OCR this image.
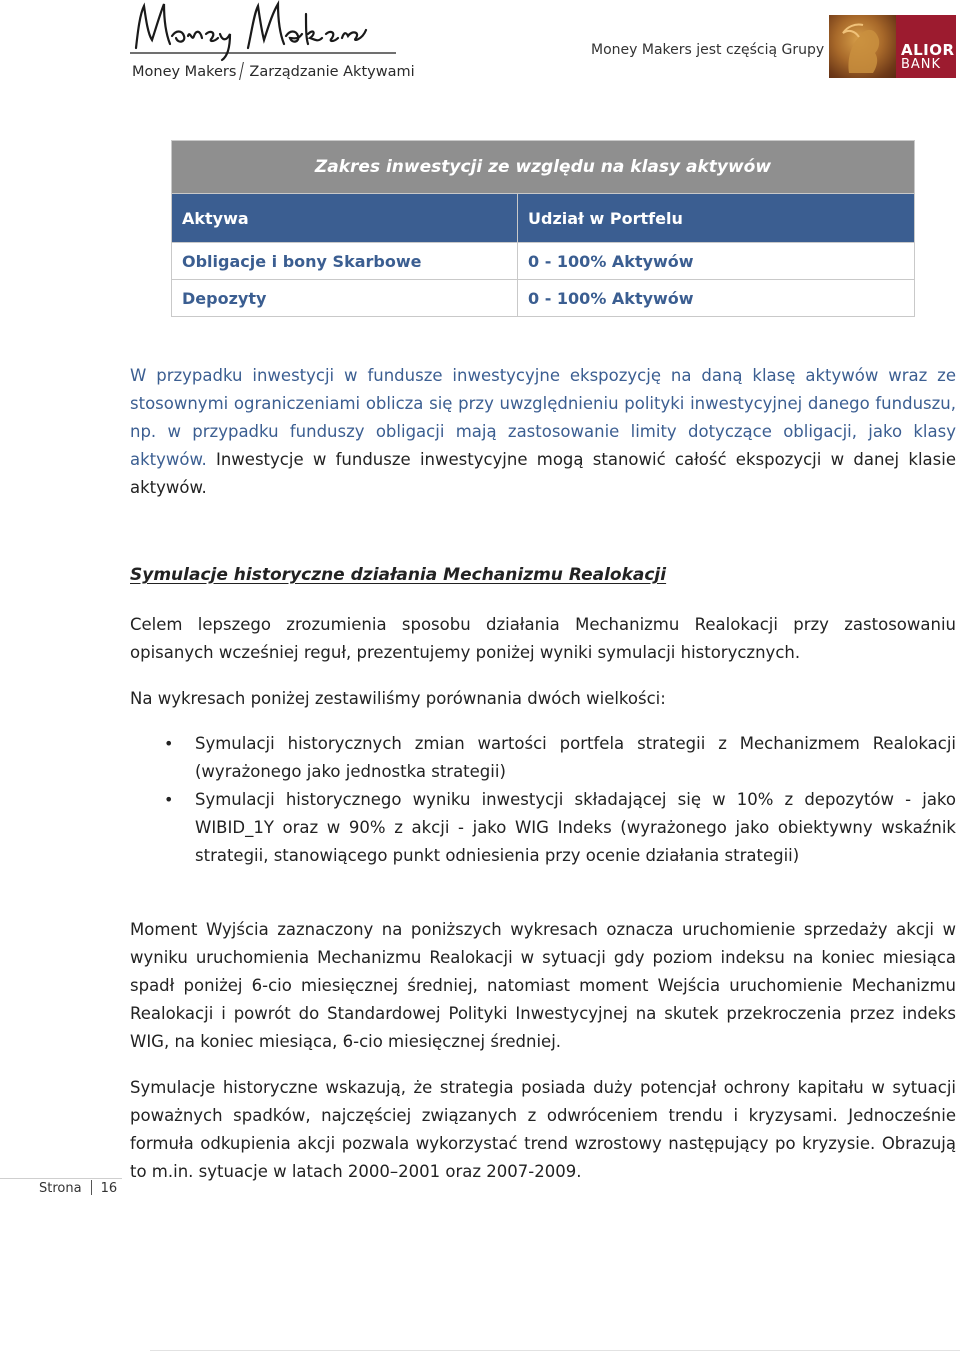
Money Makers Zarządzanie Aktywami
Money Makers jest częścią Grupy	ALIOR
BANK
Zakres inwestycji ze względu na klasy aktywów	
Aktywa	Udział w Portfelu
Obligacje i bony Skarbowe	0 - 100% Aktywów
Depozyty	0 - 100% Aktywów

W przypadku inwestycji w fundusze inwestycyjne ekspozycję na daną klasę aktywów wraz ze stosownymi ograniczeniami oblicza się przy uwzględnieniu polityki inwestycyjnej danego funduszu, np. w przypadku funduszy obligacji mają zastosowanie limity dotyczące obligacji, jako klasy aktywów. Inwestycje w fundusze inwestycyjne mogą stanowić całość ekspozycji w danej klasie aktywów.

Symulacje historyczne działania Mechanizmu Realokacji

Celem lepszego zrozumienia sposobu działania Mechanizmu Realokacji przy zastosowaniu opisanych wcześniej reguł, prezentujemy poniżej wyniki symulacji historycznych.

Na wykresach poniżej zestawiliśmy porównania dwóch wielkości:

• Symulacji historycznych zmian wartości portfela strategii z Mechanizmem Realokacji (wyrażonego jako jednostka strategii)
• Symulacji historycznego wyniku inwestycji składającej się w 10% z depozytów - jako WIBID_1Y oraz w 90% z akcji - jako WIG Indeks (wyrażonego jako obiektywny wskaźnik strategii, stanowiącego punkt odniesienia przy ocenie działania strategii)

Moment Wyjścia zaznaczony na poniższych wykresach oznacza uruchomienie sprzedaży akcji w wyniku uruchomienia Mechanizmu Realokacji w sytuacji gdy poziom indeksu na koniec miesiąca spadł poniżej 6-cio miesięcznej średniej, natomiast moment Wejścia uruchomienie Mechanizmu Realokacji i powrót do Standardowej Polityki Inwestycyjnej na skutek przekroczenia przez indeks WIG, na koniec miesiąca, 6-cio miesięcznej średniej.

Symulacje historyczne wskazują, że strategia posiada duży potencjał ochrony kapitału w sytuacji poważnych spadków, najczęściej związanych z odwróceniem trendu i kryzysami. Jednocześnie formuła odkupienia akcji pozwala wykorzystać trend wzrostowy następujący po kryzysie. Obrazują to m.in. sytuacje w latach 2000–2001 oraz 2007-2009.

Strona 16
